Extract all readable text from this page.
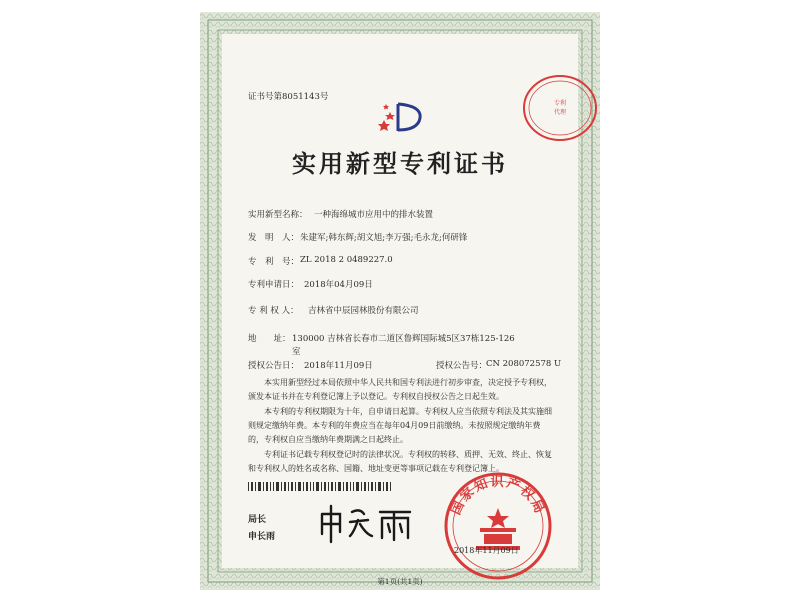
证书号第8051143号
专利
代理
实用新型专利证书
实用新型名称： 一种海绵城市应用中的排水装置
发　明　人： 朱建军;韩东辉;胡文旭;李万强;毛永龙;何研锋
专　利　号： ZL 2018 2 0489227.0
专利申请日： 2018年04月09日
专 利 权 人： 吉林省中辰园林股份有限公司
地　　址： 130000 吉林省长春市二道区鲁辉国际城5区37栋125-126
室
授权公告日： 2018年11月09日	授权公告号：
CN 208072578 U
本实用新型经过本局依照中华人民共和国专利法进行初步审查，决定授予专利权，颁发本证书并在专利登记簿上予以登记。专利权自授权公告之日起生效。
本专利的专利权期限为十年，自申请日起算。专利权人应当依照专利法及其实施细则规定缴纳年费。本专利的年费应当在每年04月09日前缴纳。未按照规定缴纳年费的，专利权自应当缴纳年费期满之日起终止。
专利证书记载专利权登记时的法律状况。专利权的转移、质押、无效、终止、恢复和专利权人的姓名或名称、国籍、地址变更等事项记载在专利登记簿上。
局长
申长雨
国家知识产权局
2018年11月09日
第1页(共1页)
